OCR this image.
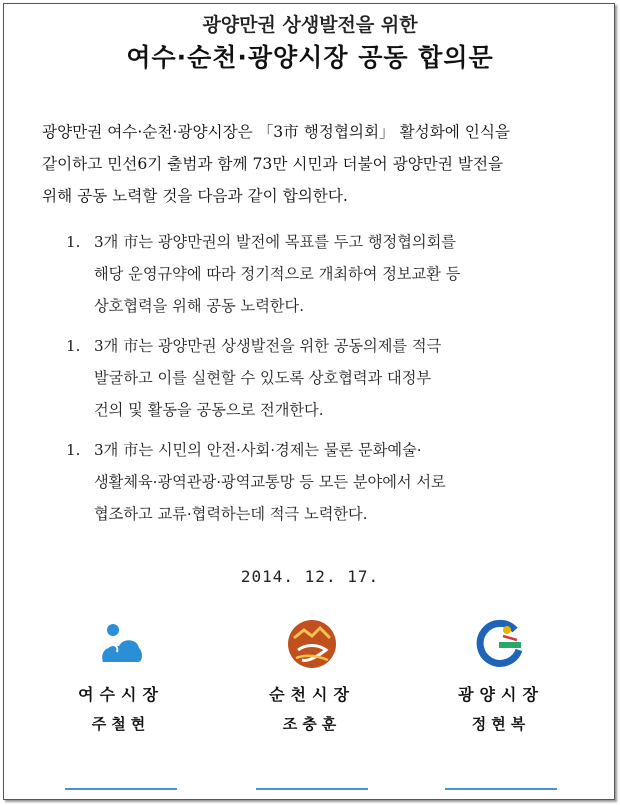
광양만권 상생발전을 위한
여수·순천·광양시장 공동 합의문
광양만권 여수·순천·광양시장은 「3市 행정협의회」 활성화에 인식을
같이하고 민선6기 출범과 함께 73만 시민과 더불어 광양만권 발전을
위해 공동 노력할 것을 다음과 같이 합의한다.
1. 3개 市는 광양만권의 발전에 목표를 두고 행정협의회를
해당 운영규약에 따라 정기적으로 개최하여 정보교환 등
상호협력을 위해 공동 노력한다.
1. 3개 市는 광양만권 상생발전을 위한 공동의제를 적극
발굴하고 이를 실현할 수 있도록 상호협력과 대정부
건의 및 활동을 공동으로 전개한다.
1. 3개 市는 시민의 안전·사회·경제는 물론 문화예술·
생활체육·광역관광·광역교통망 등 모든 분야에서 서로
협조하고 교류·협력하는데 적극 노력한다.
2014. 12. 17.
여수시장
주철현
순천시장
조충훈
광양시장
정현복
